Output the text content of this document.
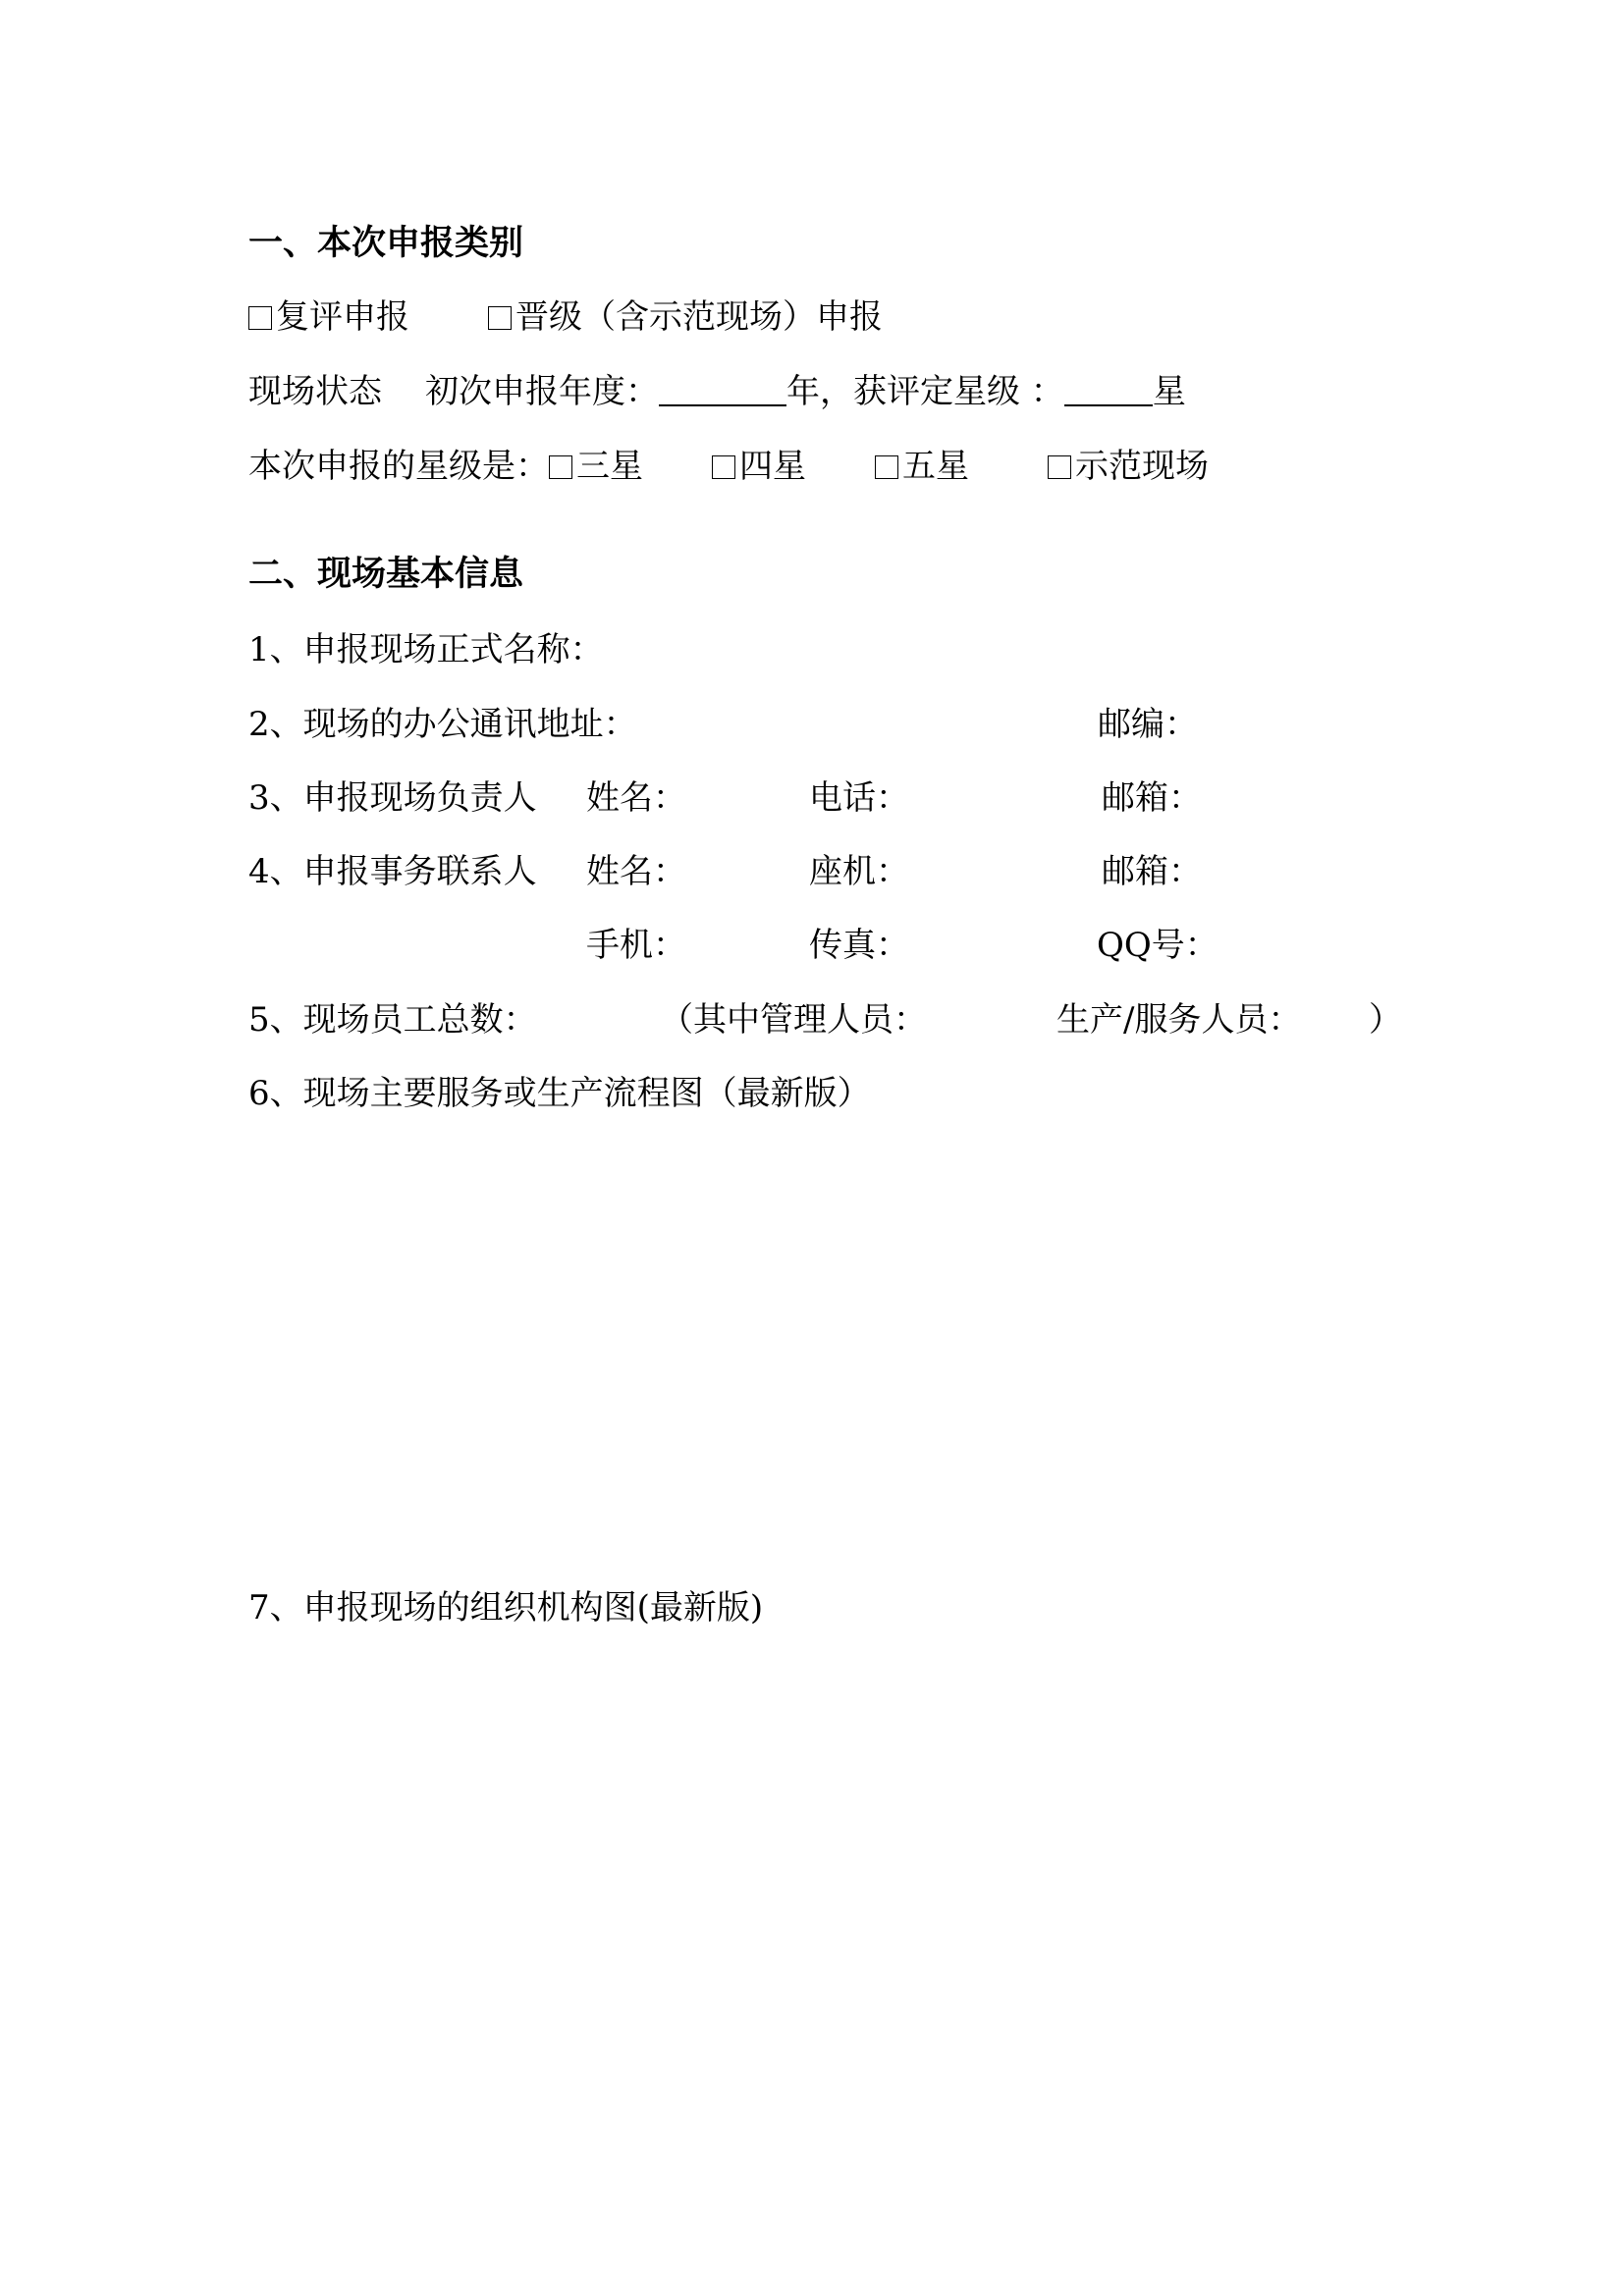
一、本次申报类别
复评申报	晋级（含示范现场）申报
现场状态 初次申报年度：	年，获评定星级 ：	星
本次申报的星级是： 三星	四星	五星	示范现场
二、现场基本信息
1、申报现场正式名称：
2、现场的办公通讯地址：	邮编：
3、申报现场负责人 姓名：	电话：	邮箱：
4、申报事务联系人 姓名：	座机：	邮箱：
手机：	传真：	QQ号：
5、现场员工总数：	（其中管理人员：	生产/服务人员： ）
6、现场主要服务或生产流程图（最新版）
7、申报现场的组织机构图(最新版)
